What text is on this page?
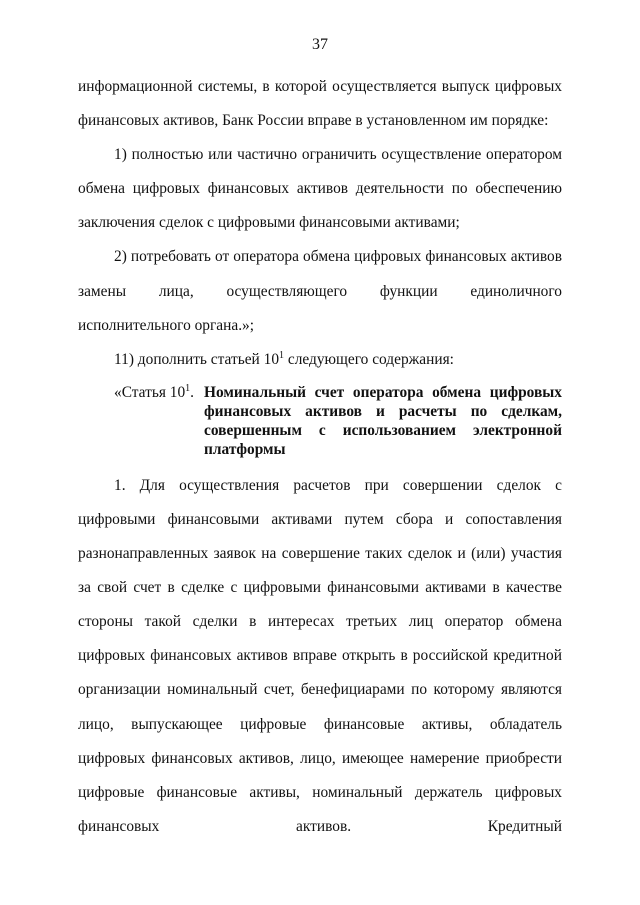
37

информационной системы, в которой осуществляется выпуск цифровых финансовых активов, Банк России вправе в установленном им порядке:

1) полностью или частично ограничить осуществление оператором обмена цифровых финансовых активов деятельности по обеспечению заключения сделок с цифровыми финансовыми активами;

2) потребовать от оператора обмена цифровых финансовых активов замены лица, осуществляющего функции единоличного исполнительного органа.»;

11) дополнить статьей $10^1$ следующего содержания:

«Статья $10^1$. Номинальный счет оператора обмена цифровых финансовых активов и расчеты по сделкам, совершенным с использованием электронной платформы

1. Для осуществления расчетов при совершении сделок с цифровыми финансовыми активами путем сбора и сопоставления разнонаправленных заявок на совершение таких сделок и (или) участия за свой счет в сделке с цифровыми финансовыми активами в качестве стороны такой сделки в интересах третьих лиц оператор обмена цифровых финансовых активов вправе открыть в российской кредитной организации номинальный счет, бенефициарами по которому являются лицо, выпускающее цифровые финансовые активы, обладатель цифровых финансовых активов, лицо, имеющее намерение приобрести цифровые финансовые активы, номинальный держатель цифровых финансовых активов. Кредитный
